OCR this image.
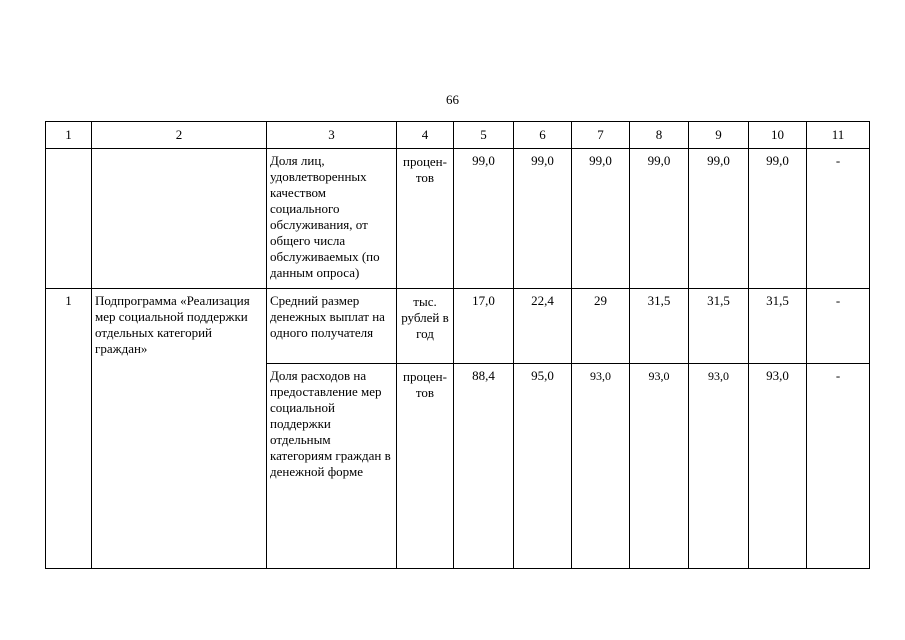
66
1	2	3	4	5	6	7	8	9	10	11
		Доля лиц, удовлетворенных качеством социального обслуживания, от общего числа обслуживаемых (по данным опроса)	процен-тов	99,0	99,0	99,0	99,0	99,0	99,0	-
1	Подпрограмма «Реализация мер социальной поддержки отдельных категорий граждан»	Средний размер денежных выплат на одного получателя	тыс. рублей в год	17,0	22,4	29	31,5	31,5	31,5	-
		Доля расходов на предоставление мер социальной поддержки отдельным категориям граждан в денежной форме	процен-тов	88,4	95,0	93,0	93,0	93,0	93,0	-
